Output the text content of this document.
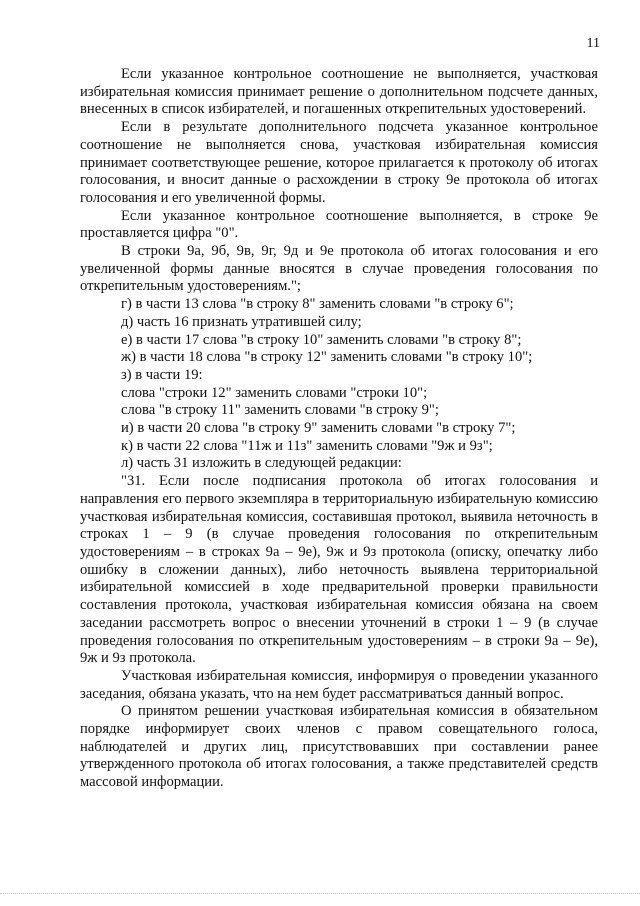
11

Если указанное контрольное соотношение не выполняется, участковая избирательная комиссия принимает решение о дополнительном подсчете данных, внесенных в список избирателей, и погашенных открепительных удостоверений.

Если в результате дополнительного подсчета указанное контрольное соотношение не выполняется снова, участковая избирательная комиссия принимает соответствующее решение, которое прилагается к протоколу об итогах голосования, и вносит данные о расхождении в строку 9е протокола об итогах голосования и его увеличенной формы.

Если указанное контрольное соотношение выполняется, в строке 9е проставляется цифра "0".

В строки 9а, 9б, 9в, 9г, 9д и 9е протокола об итогах голосования и его увеличенной формы данные вносятся в случае проведения голосования по открепительным удостоверениям.";

г) в части 13 слова "в строку 8" заменить словами "в строку 6";

д) часть 16 признать утратившей силу;

е) в части 17 слова "в строку 10" заменить словами "в строку 8";

ж) в части 18 слова "в строку 12" заменить словами "в строку 10";

з) в части 19:

слова "строки 12" заменить словами "строки 10";

слова "в строку 11" заменить словами "в строку 9";

и) в части 20 слова "в строку 9" заменить словами "в строку 7";

к) в части 22 слова "11ж и 11з" заменить словами "9ж и 9з";

л) часть 31 изложить в следующей редакции:

"31. Если после подписания протокола об итогах голосования и направления его первого экземпляра в территориальную избирательную комиссию участковая избирательная комиссия, составившая протокол, выявила неточность в строках 1 – 9 (в случае проведения голосования по открепительным удостоверениям – в строках 9а – 9е), 9ж и 9з протокола (описку, опечатку либо ошибку в сложении данных), либо неточность выявлена территориальной избирательной комиссией в ходе предварительной проверки правильности составления протокола, участковая избирательная комиссия обязана на своем заседании рассмотреть вопрос о внесении уточнений в строки 1 – 9 (в случае проведения голосования по открепительным удостоверениям – в строки 9а – 9е), 9ж и 9з протокола.

Участковая избирательная комиссия, информируя о проведении указанного заседания, обязана указать, что на нем будет рассматриваться данный вопрос.

О принятом решении участковая избирательная комиссия в обязательном порядке информирует своих членов с правом совещательного голоса, наблюдателей и других лиц, присутствовавших при составлении ранее утвержденного протокола об итогах голосования, а также представителей средств массовой информации.
